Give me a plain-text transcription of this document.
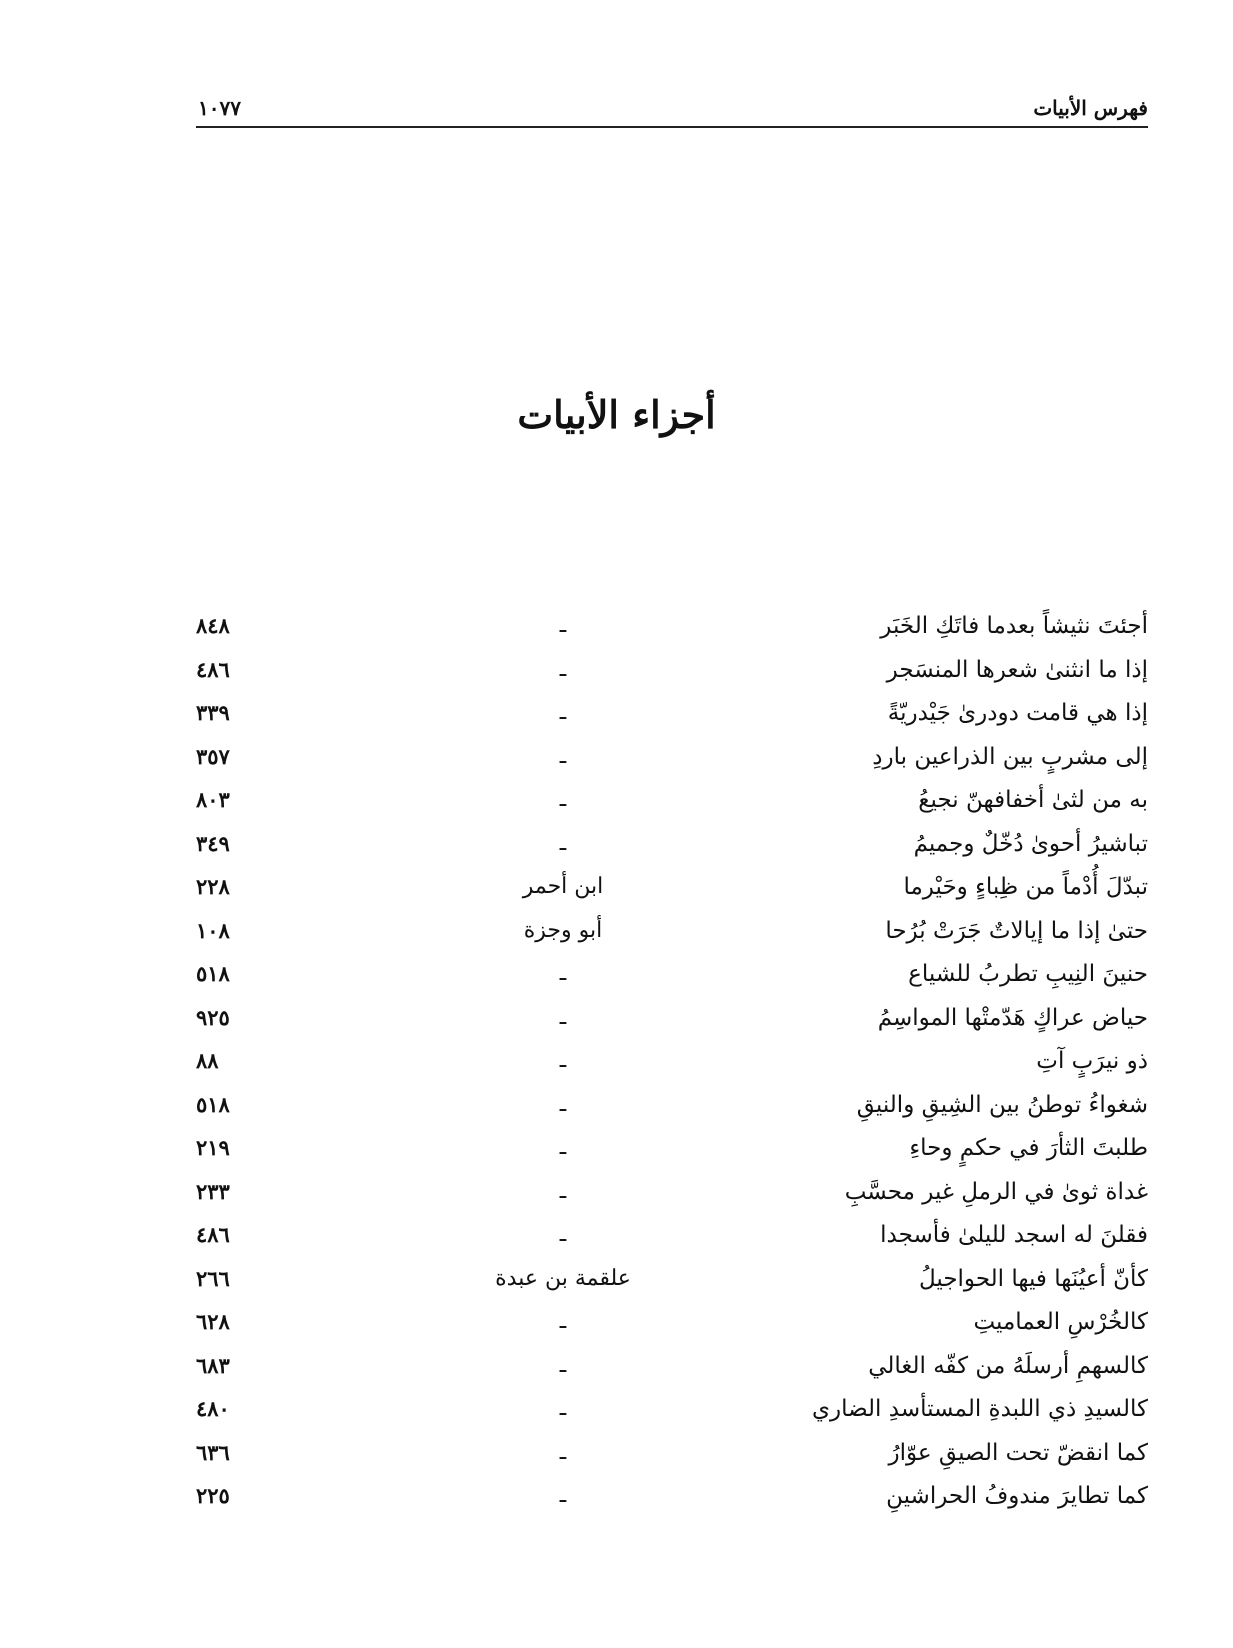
فهرس الأبيات
١٠٧٧
أجزاء الأبيات
أجئتَ نثيشاً بعدما فاتَكِ الخَبَر
ـ
٨٤٨
إذا ما انثنىٰ شعرها المنسَجر
ـ
٤٨٦
إذا هي قامت دودرىٰ جَيْدريّةً
ـ
٣٣٩
إلى مشربٍ بين الذراعين باردِ
ـ
٣٥٧
به من لثىٰ أخفافهنّ نجيعُ
ـ
٨٠٣
تباشيرُ أحوىٰ دُخّلٌ وجميمُ
ـ
٣٤٩
تبدّلَ أُدْماً من ظِباءٍ وحَيْرما
ابن أحمر
٢٢٨
حتىٰ إذا ما إيالاتٌ جَرَتْ بُرُحا
أبو وجزة
١٠٨
حنينَ النِيبِ تطربُ للشياع
ـ
٥١٨
حياض عراكٍ هَدّمتْها المواسِمُ
ـ
٩٢٥
ذو نيرَبٍ آتِ
ـ
٨٨
شغواءُ توطنُ بين الشِيقِ والنيقِ
ـ
٥١٨
طلبتَ الثأرَ في حكمٍ وحاءِ
ـ
٢١٩
غداة ثوىٰ في الرملِ غير محسَّبِ
ـ
٢٣٣
فقلنَ له اسجد لليلىٰ فأسجدا
ـ
٤٨٦
كأنّ أعيُنَها فيها الحواجيلُ
علقمة بن عبدة
٢٦٦
كالخُرْسِ العماميتِ
ـ
٦٢٨
كالسهمِ أرسلَهُ من كفّه الغالي
ـ
٦٨٣
كالسيدِ ذي اللبدةِ المستأسدِ الضاري
ـ
٤٨٠
كما انقضّ تحت الصيقِ عوّارُ
ـ
٦٣٦
كما تطايرَ مندوفُ الحراشينِ
ـ
٢٢٥
